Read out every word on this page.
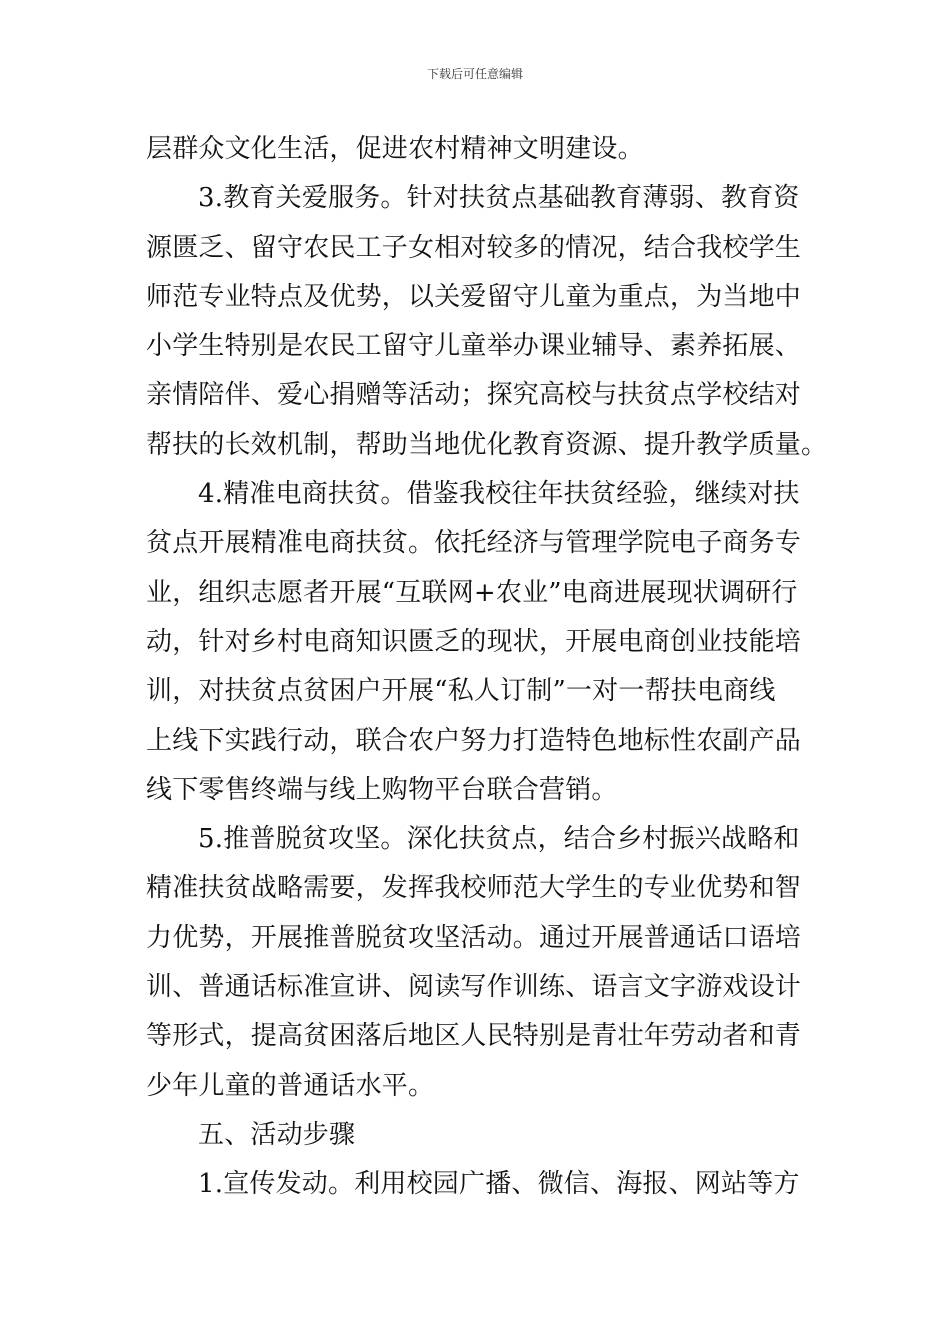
下载后可任意编辑
层群众文化生活，促进农村精神文明建设。
3.教育关爱服务。针对扶贫点基础教育薄弱、教育资
源匮乏、留守农民工子女相对较多的情况，结合我校学生
师范专业特点及优势，以关爱留守儿童为重点，为当地中
小学生特别是农民工留守儿童举办课业辅导、素养拓展、
亲情陪伴、爱心捐赠等活动；探究高校与扶贫点学校结对
帮扶的长效机制，帮助当地优化教育资源、提升教学质量。
4.精准电商扶贫。借鉴我校往年扶贫经验，继续对扶
贫点开展精准电商扶贫。依托经济与管理学院电子商务专
业，组织志愿者开展“互联网+农业”电商进展现状调研行
动，针对乡村电商知识匮乏的现状，开展电商创业技能培
训，对扶贫点贫困户开展“私人订制”一对一帮扶电商线
上线下实践行动，联合农户努力打造特色地标性农副产品
线下零售终端与线上购物平台联合营销。
5.推普脱贫攻坚。深化扶贫点，结合乡村振兴战略和
精准扶贫战略需要，发挥我校师范大学生的专业优势和智
力优势，开展推普脱贫攻坚活动。通过开展普通话口语培
训、普通话标准宣讲、阅读写作训练、语言文字游戏设计
等形式，提高贫困落后地区人民特别是青壮年劳动者和青
少年儿童的普通话水平。
五、活动步骤
1.宣传发动。利用校园广播、微信、海报、网站等方
